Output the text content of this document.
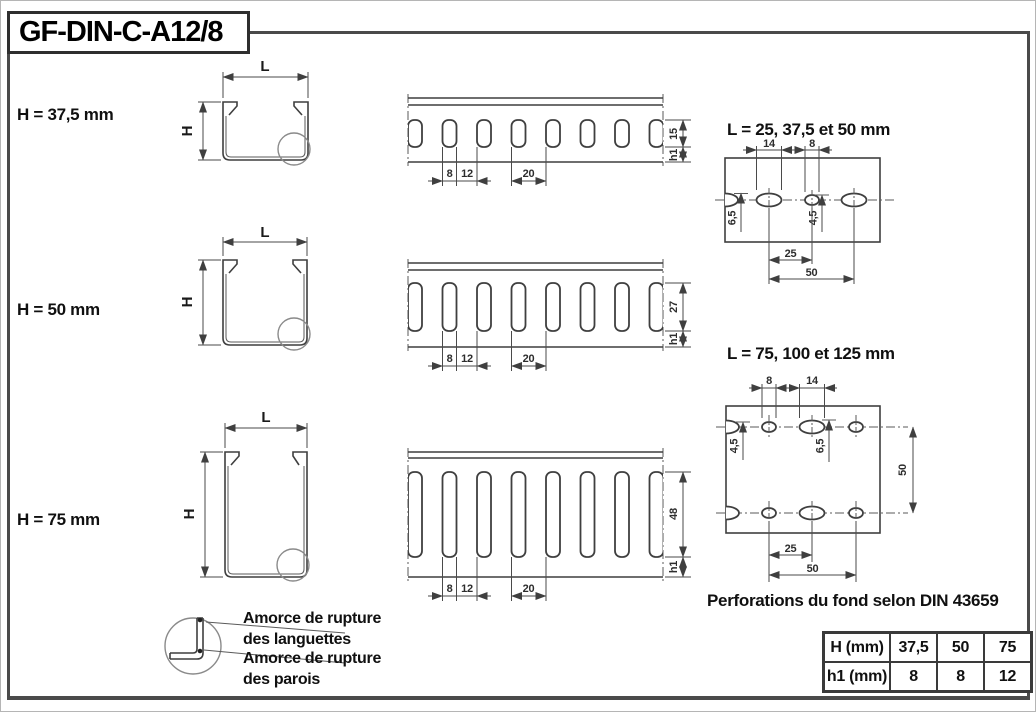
GF-DIN-C-A12/8
H = 37,5 mm
H = 50 mm
H = 75 mm
L
H
L
H
L
H
15
h1
8 12	20
27
h1
8 12	20
48
h1
8 12	20
L = 25, 37,5 et 50 mm
L = 75, 100 et 125 mm
14	8
6,5	4,5
25
50
8	14
4,5	6,5
50
25
50
Perforations du fond selon DIN 43659
Amorce de rupture
des languettes
Amorce de rupture
des parois
H (mm) 37,5	50	75
h1 (mm)	8	8	12
